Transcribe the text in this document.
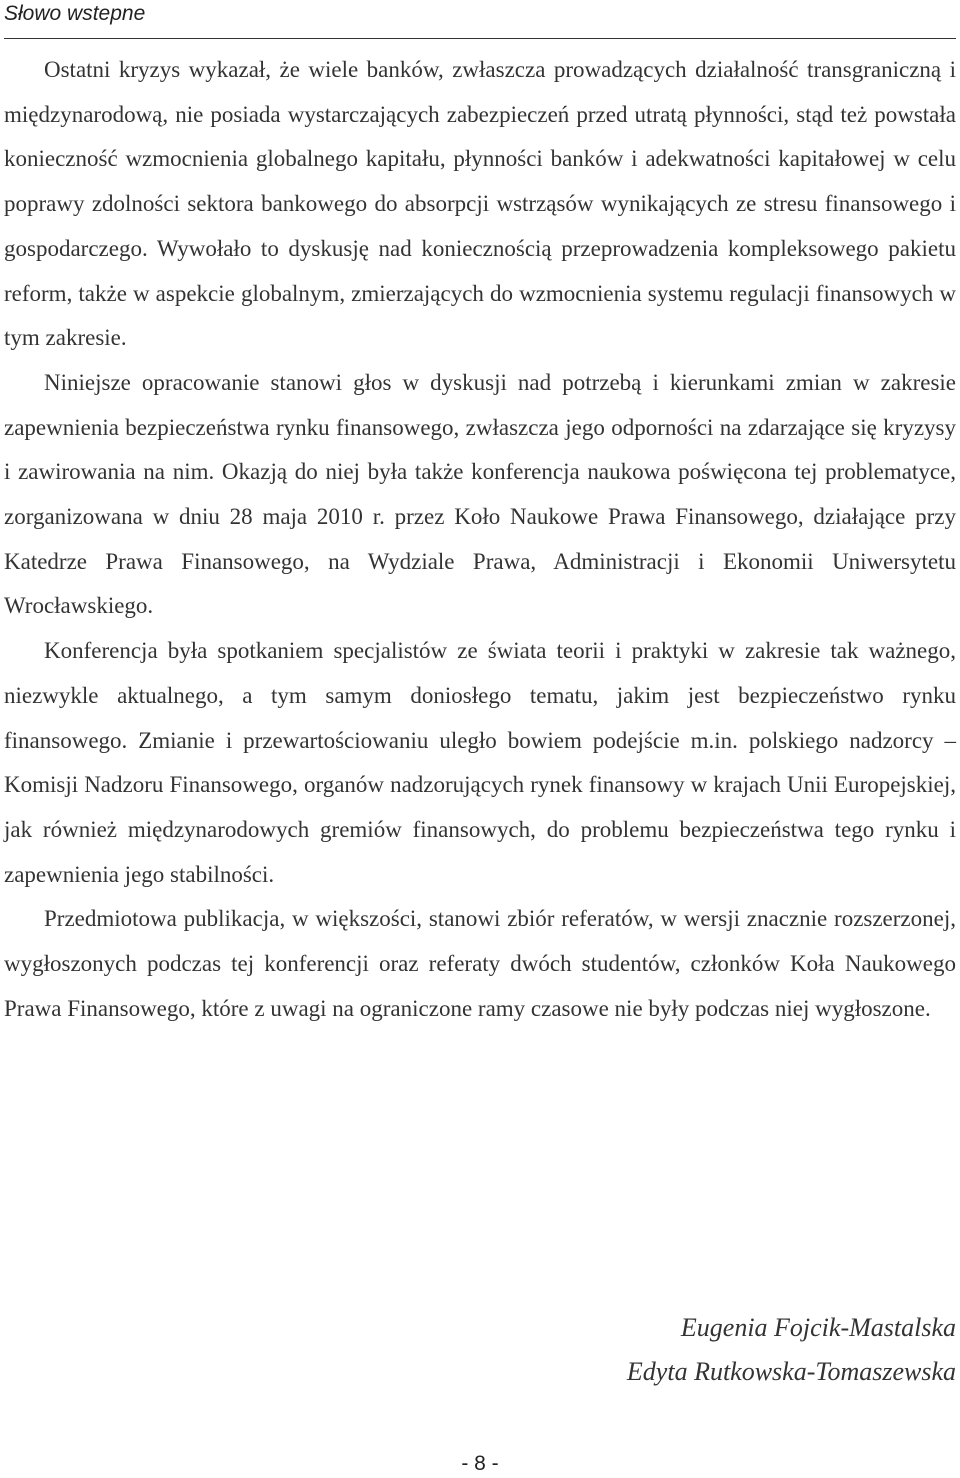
Słowo wstepne

Ostatni kryzys wykazał, że wiele banków, zwłaszcza prowadzących działalność transgraniczną i międzynarodową, nie posiada wystarczających zabezpieczeń przed utratą płynności, stąd też powstała konieczność wzmocnienia globalnego kapitału, płynności banków i adekwatności kapitałowej w celu poprawy zdolności sektora bankowego do absorpcji wstrząsów wynikających ze stresu finansowego i gospodarczego. Wywołało to dyskusję nad koniecznością przeprowadzenia kompleksowego pakietu reform, także w aspekcie globalnym, zmierzających do wzmocnienia systemu regulacji finansowych w tym zakresie.

Niniejsze opracowanie stanowi głos w dyskusji nad potrzebą i kierunkami zmian w zakresie zapewnienia bezpieczeństwa rynku finansowego, zwłaszcza jego odporności na zdarzające się kryzysy i zawirowania na nim. Okazją do niej była także konferencja naukowa poświęcona tej problematyce, zorganizowana w dniu 28 maja 2010 r. przez Koło Naukowe Prawa Finansowego, działające przy Katedrze Prawa Finansowego, na Wydziale Prawa, Administracji i Ekonomii Uniwersytetu Wrocławskiego.

Konferencja była spotkaniem specjalistów ze świata teorii i praktyki w zakresie tak ważnego, niezwykle aktualnego, a tym samym doniosłego tematu, jakim jest bezpieczeństwo rynku finansowego. Zmianie i przewartościowaniu uległo bowiem podejście m.in. polskiego nadzorcy – Komisji Nadzoru Finansowego, organów nadzorujących rynek finansowy w krajach Unii Europejskiej, jak również międzynarodowych gremiów finansowych, do problemu bezpieczeństwa tego rynku i zapewnienia jego stabilności.

Przedmiotowa publikacja, w większości, stanowi zbiór referatów, w wersji znacznie rozszerzonej, wygłoszonych podczas tej konferencji oraz referaty dwóch studentów, członków Koła Naukowego Prawa Finansowego, które z uwagi na ograniczone ramy czasowe nie były podczas niej wygłoszone.

Eugenia Fojcik-Mastalska
Edyta Rutkowska-Tomaszewska
- 8 -
